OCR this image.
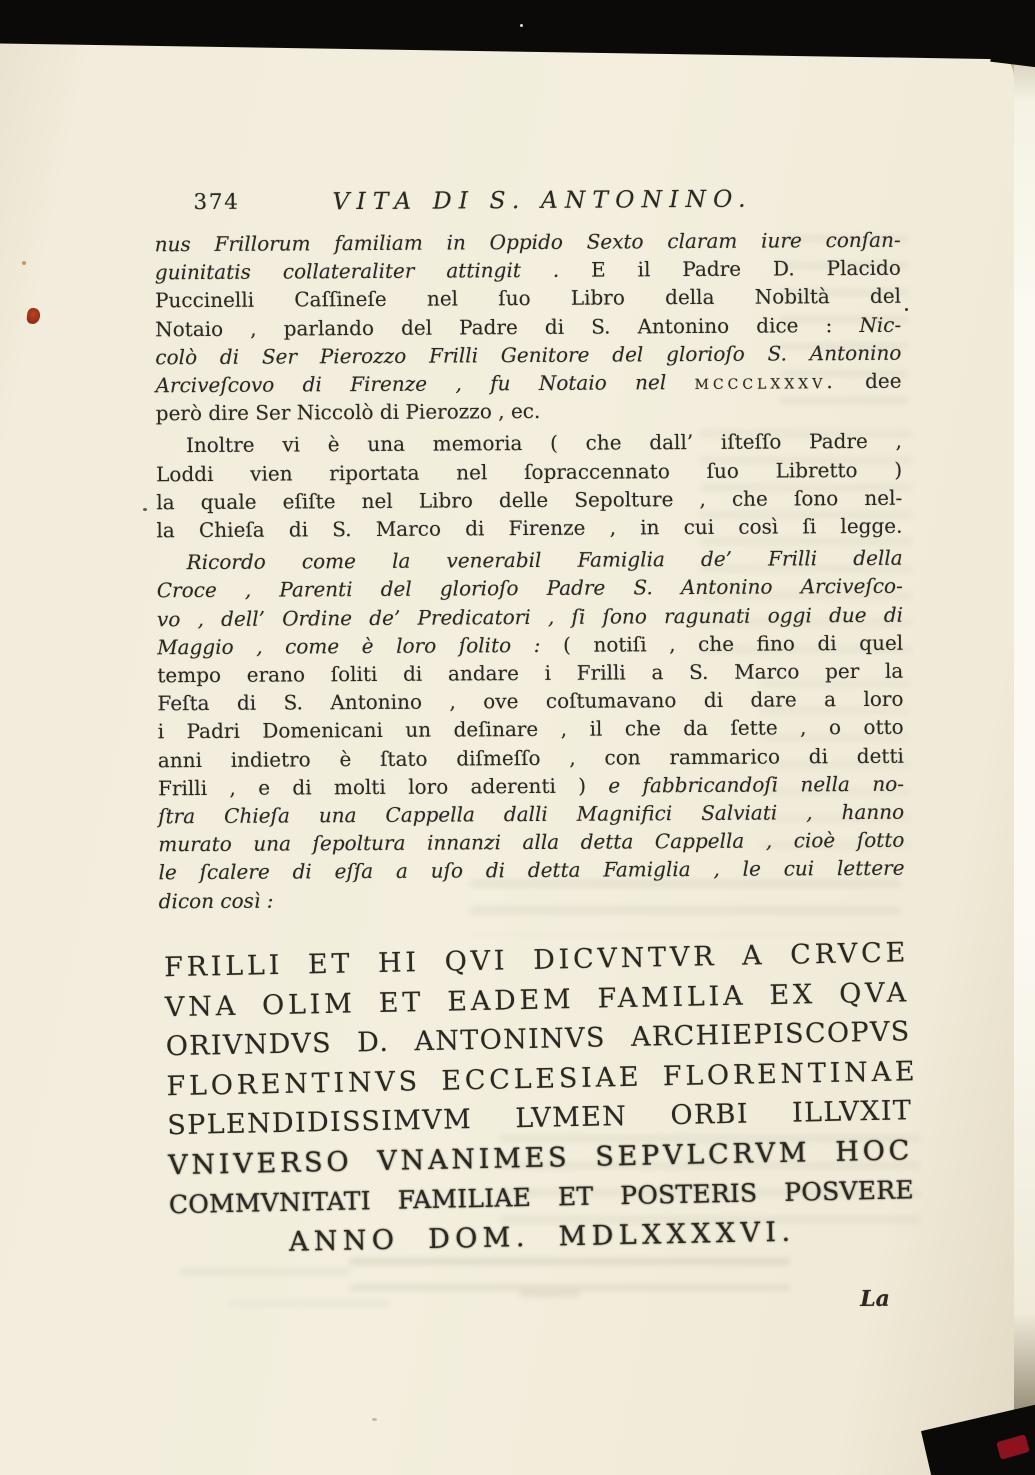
374	VITA DI S. ANTONINO.
nus Frillorum familiam in Oppido Sexto claram iure conſan-
guinitatis collateraliter attingit . E il Padre D. Placido
Puccinelli Caſſineſe nel ſuo Libro della Nobiltà del
Notaio , parlando del Padre di S. Antonino dice : Nic-
colò di Ser Pierozzo Frilli Genitore del glorioſo S. Antonino
Arciveſcovo di Firenze , fu Notaio nel mccclxxxv. dee
però dire Ser Niccolò di Pierozzo , ec.
Inoltre vi è una memoria ( che dall’ iſteſſo Padre ,
Loddi vien riportata nel ſopraccennato ſuo Libretto )
la quale eſiſte nel Libro delle Sepolture , che ſono nel-
la Chieſa di S. Marco di Firenze , in cui così ſi legge.
Ricordo come la venerabil Famiglia de’ Frilli della
Croce , Parenti del glorioſo Padre S. Antonino Arciveſco-
vo , dell’ Ordine de’ Predicatori , ſi ſono ragunati oggi due di
Maggio , come è loro ſolito : ( notiſi , che fino di quel
tempo erano ſoliti di andare i Frilli a S. Marco per la
Feſta di S. Antonino , ove coſtumavano di dare a loro
i Padri Domenicani un deſinare , il che da ſette , o otto
anni indietro è ſtato diſmeſſo , con rammarico di detti
Frilli , e di molti loro aderenti ) e fabbricandoſi nella no-
ſtra Chieſa una Cappella dalli Magnifici Salviati , hanno
murato una ſepoltura innanzi alla detta Cappella , cioè ſotto
le ſcalere di eſſa a uſo di detta Famiglia , le cui lettere
dicon così :
FRILLI ET HI QVI DICVNTVR A CRVCE
VNA OLIM ET EADEM FAMILIA EX QVA
ORIVNDVS D. ANTONINVS ARCHIEPISCOPVS
FLORENTINVS ECCLESIAE FLORENTINAE
SPLENDIDISSIMVM LVMEN ORBI ILLVXIT
VNIVERSO VNANIMES SEPVLCRVM HOC
COMMVNITATI FAMILIAE ET POSTERIS POSVERE
ANNO DOM. MDLXXXXVI.
La
